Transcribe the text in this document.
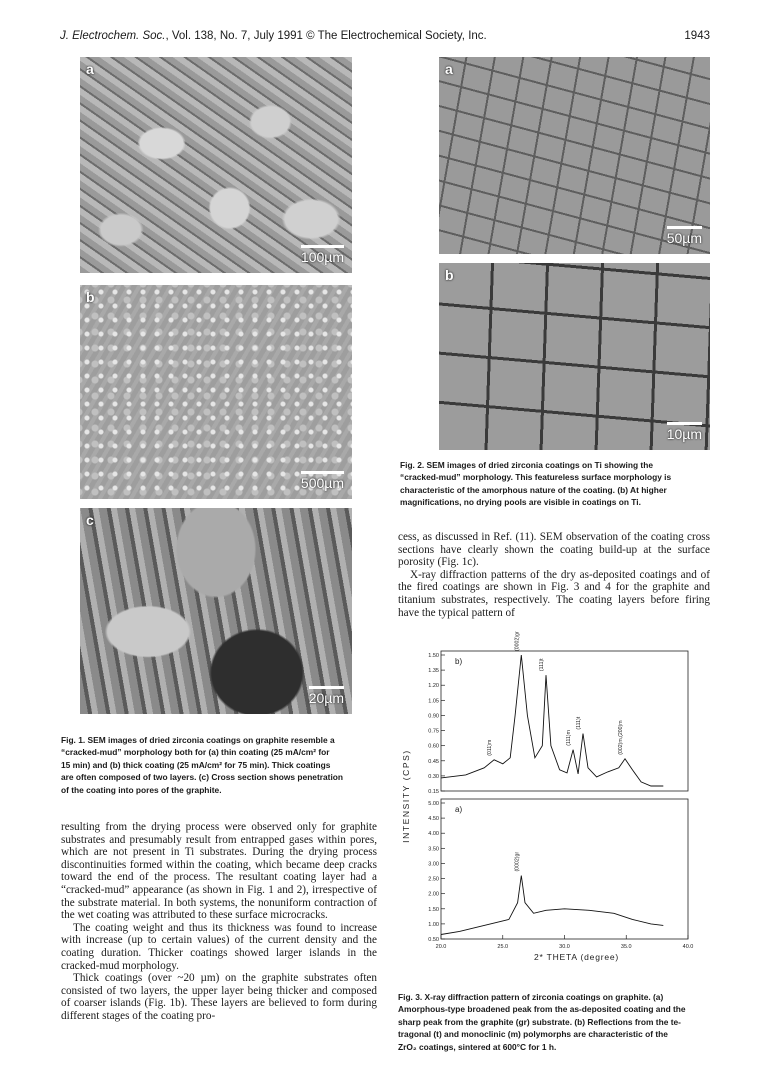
J. Electrochem. Soc., Vol. 138, No. 7, July 1991 © The Electrochemical Society, Inc.	1943
a
100µm
b
500µm
c
20µm
a
50µm
b
10µm
Fig. 2. SEM images of dried zirconia coatings on Ti showing the
“cracked-mud” morphology. This featureless surface morphology is
characteristic of the amorphous nature of the coating. (b) At higher
magnifications, no drying pools are visible in coatings on Ti.

cess, as discussed in Ref. (11). SEM observation of the coating cross sections have clearly shown the coating build-up at the surface porosity (Fig. 1c).

X-ray diffraction patterns of the dry as-deposited coatings and of the fired coatings are shown in Fig. 3 and 4 for the graphite and titanium substrates, respectively. The coating layers before firing have the typical pattern of

Fig. 1. SEM images of dried zirconia coatings on graphite resemble a
“cracked-mud” morphology both for (a) thin coating (25 mA/cm² for
15 min) and (b) thick coating (25 mA/cm² for 75 min). Thick coatings
are often composed of two layers. (c) Cross section shows penetration
of the coating into pores of the graphite.

resulting from the drying process were observed only for graphite substrates and presumably result from entrapped gases within pores, which are not present in Ti substrates. During the drying process discontinuities formed within the coating, which became deep cracks toward the end of the process. The resultant coating layer had a “cracked-mud” appearance (as shown in Fig. 1 and 2), irrespective of the substrate material. In both systems, the nonuniform contraction of the wet coating was attributed to these surface microcracks.

The coating weight and thus its thickness was found to increase with increase (up to certain values) of the current density and the coating duration. Thicker coatings showed larger islands in the cracked-mud morphology.

Thick coatings (over ~20 µm) on the graphite substrates often consisted of two layers, the upper layer being thicker and composed of coarser islands (Fig. 1b). These layers are believed to form during different stages of the coating pro-

1.50
1.35
1.20
1.05
0.90
0.75
0.60
0.45
0.30
0.15
5.00
4.50
4.00
3.50
3.00
2.50
2.00
1.50
1.00
0.50
20.0	25.0	30.0	35.0	40.0
b)
(011)m
(0002)gr
(111)t
(111)m
(111)t	(002)m,(200)m
a)
(0002)gr
2* THETA (degree)
INTENSITY (CPS)
Fig. 3. X-ray diffraction pattern of zirconia coatings on graphite. (a)
Amorphous-type broadened peak from the as-deposited coating and the
sharp peak from the graphite (gr) substrate. (b) Reflections from the te-
tragonal (t) and monoclinic (m) polymorphs are characteristic of the
ZrO₂ coatings, sintered at 600°C for 1 h.
